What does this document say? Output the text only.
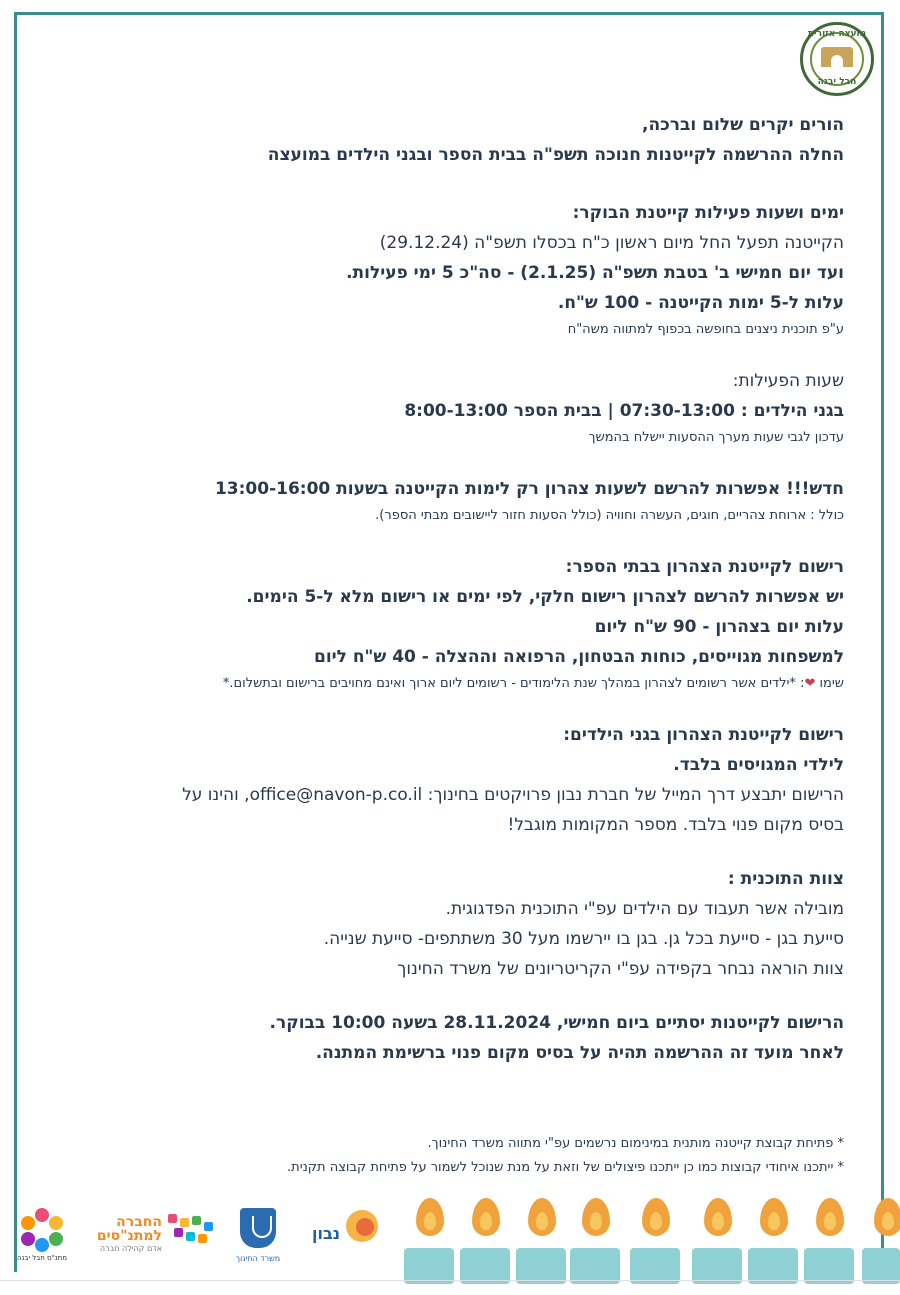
מועצה אזורית
חבל יבנה

הורים יקרים שלום וברכה,

החלה ההרשמה לקייטנות חנוכה תשפ"ה בבית הספר ובגני הילדים במועצה

ימים ושעות פעילות קייטנת הבוקר:

הקייטנה תפעל החל מיום ראשון כ"ח בכסלו תשפ"ה (29.12.24)

ועד יום חמישי ב' בטבת תשפ"ה (2.1.25) - סה"כ 5 ימי פעילות.

עלות ל-5 ימות הקייטנה - 100 ש"ח.

ע"פ תוכנית ניצנים בחופשה בכפוף למתווה משה"ח

שעות הפעילות:

בגני הילדים : 07:30-13:00 | בבית הספר 8:00-13:00

עדכון לגבי שעות מערך ההסעות יישלח בהמשך

חדש!!! אפשרות להרשם לשעות צהרון רק לימות הקייטנה בשעות 13:00-16:00

כולל : ארוחת צהריים, חוגים, העשרה וחוויה (כולל הסעות חזור ליישובים מבתי הספר).

רישום לקייטנת הצהרון בבתי הספר:

יש אפשרות להרשם לצהרון רישום חלקי, לפי ימים או רישום מלא ל-5 הימים.

עלות יום בצהרון - 90 ש"ח ליום

למשפחות מגוייסים, כוחות הבטחון, הרפואה וההצלה - 40 ש"ח ליום

שימו ❤: *ילדים אשר רשומים לצהרון במהלך שנת הלימודים - רשומים ליום ארוך ואינם מחויבים ברישום ובתשלום.*

רישום לקייטנת הצהרון בגני הילדים:

לילדי המגויסים בלבד.

הרישום יתבצע דרך המייל של חברת נבון פרויקטים בחינוך: office@navon-p.co.il, והינו על

בסיס מקום פנוי בלבד. מספר המקומות מוגבל!

צוות התוכנית :

מובילה אשר תעבוד עם הילדים עפ"י התוכנית הפדגוגית.

סייעת בגן - סייעת בכל גן. בגן בו יירשמו מעל 30 משתתפים- סייעת שנייה.

צוות הוראה נבחר בקפידה עפ"י הקריטריונים של משרד החינוך

הרישום לקייטנות יסתיים ביום חמישי, 28.11.2024 בשעה 10:00 בבוקר.

לאחר מועד זה ההרשמה תהיה על בסיס מקום פנוי ברשימת המתנה.

* פתיחת קבוצת קייטנה מותנית במינימום נרשמים עפ"י מתווה משרד החינוך.

* ייתכנו איחודי קבוצות כמו כן ייתכנו פיצולים של וזאת על מנת שנוכל לשמור על פתיחת קבוצה תקנית.

נבון
משרד החינוך
החברה
למתנ"סים
אדם קהילה חברה
מתנ"ס חבל יבנה
